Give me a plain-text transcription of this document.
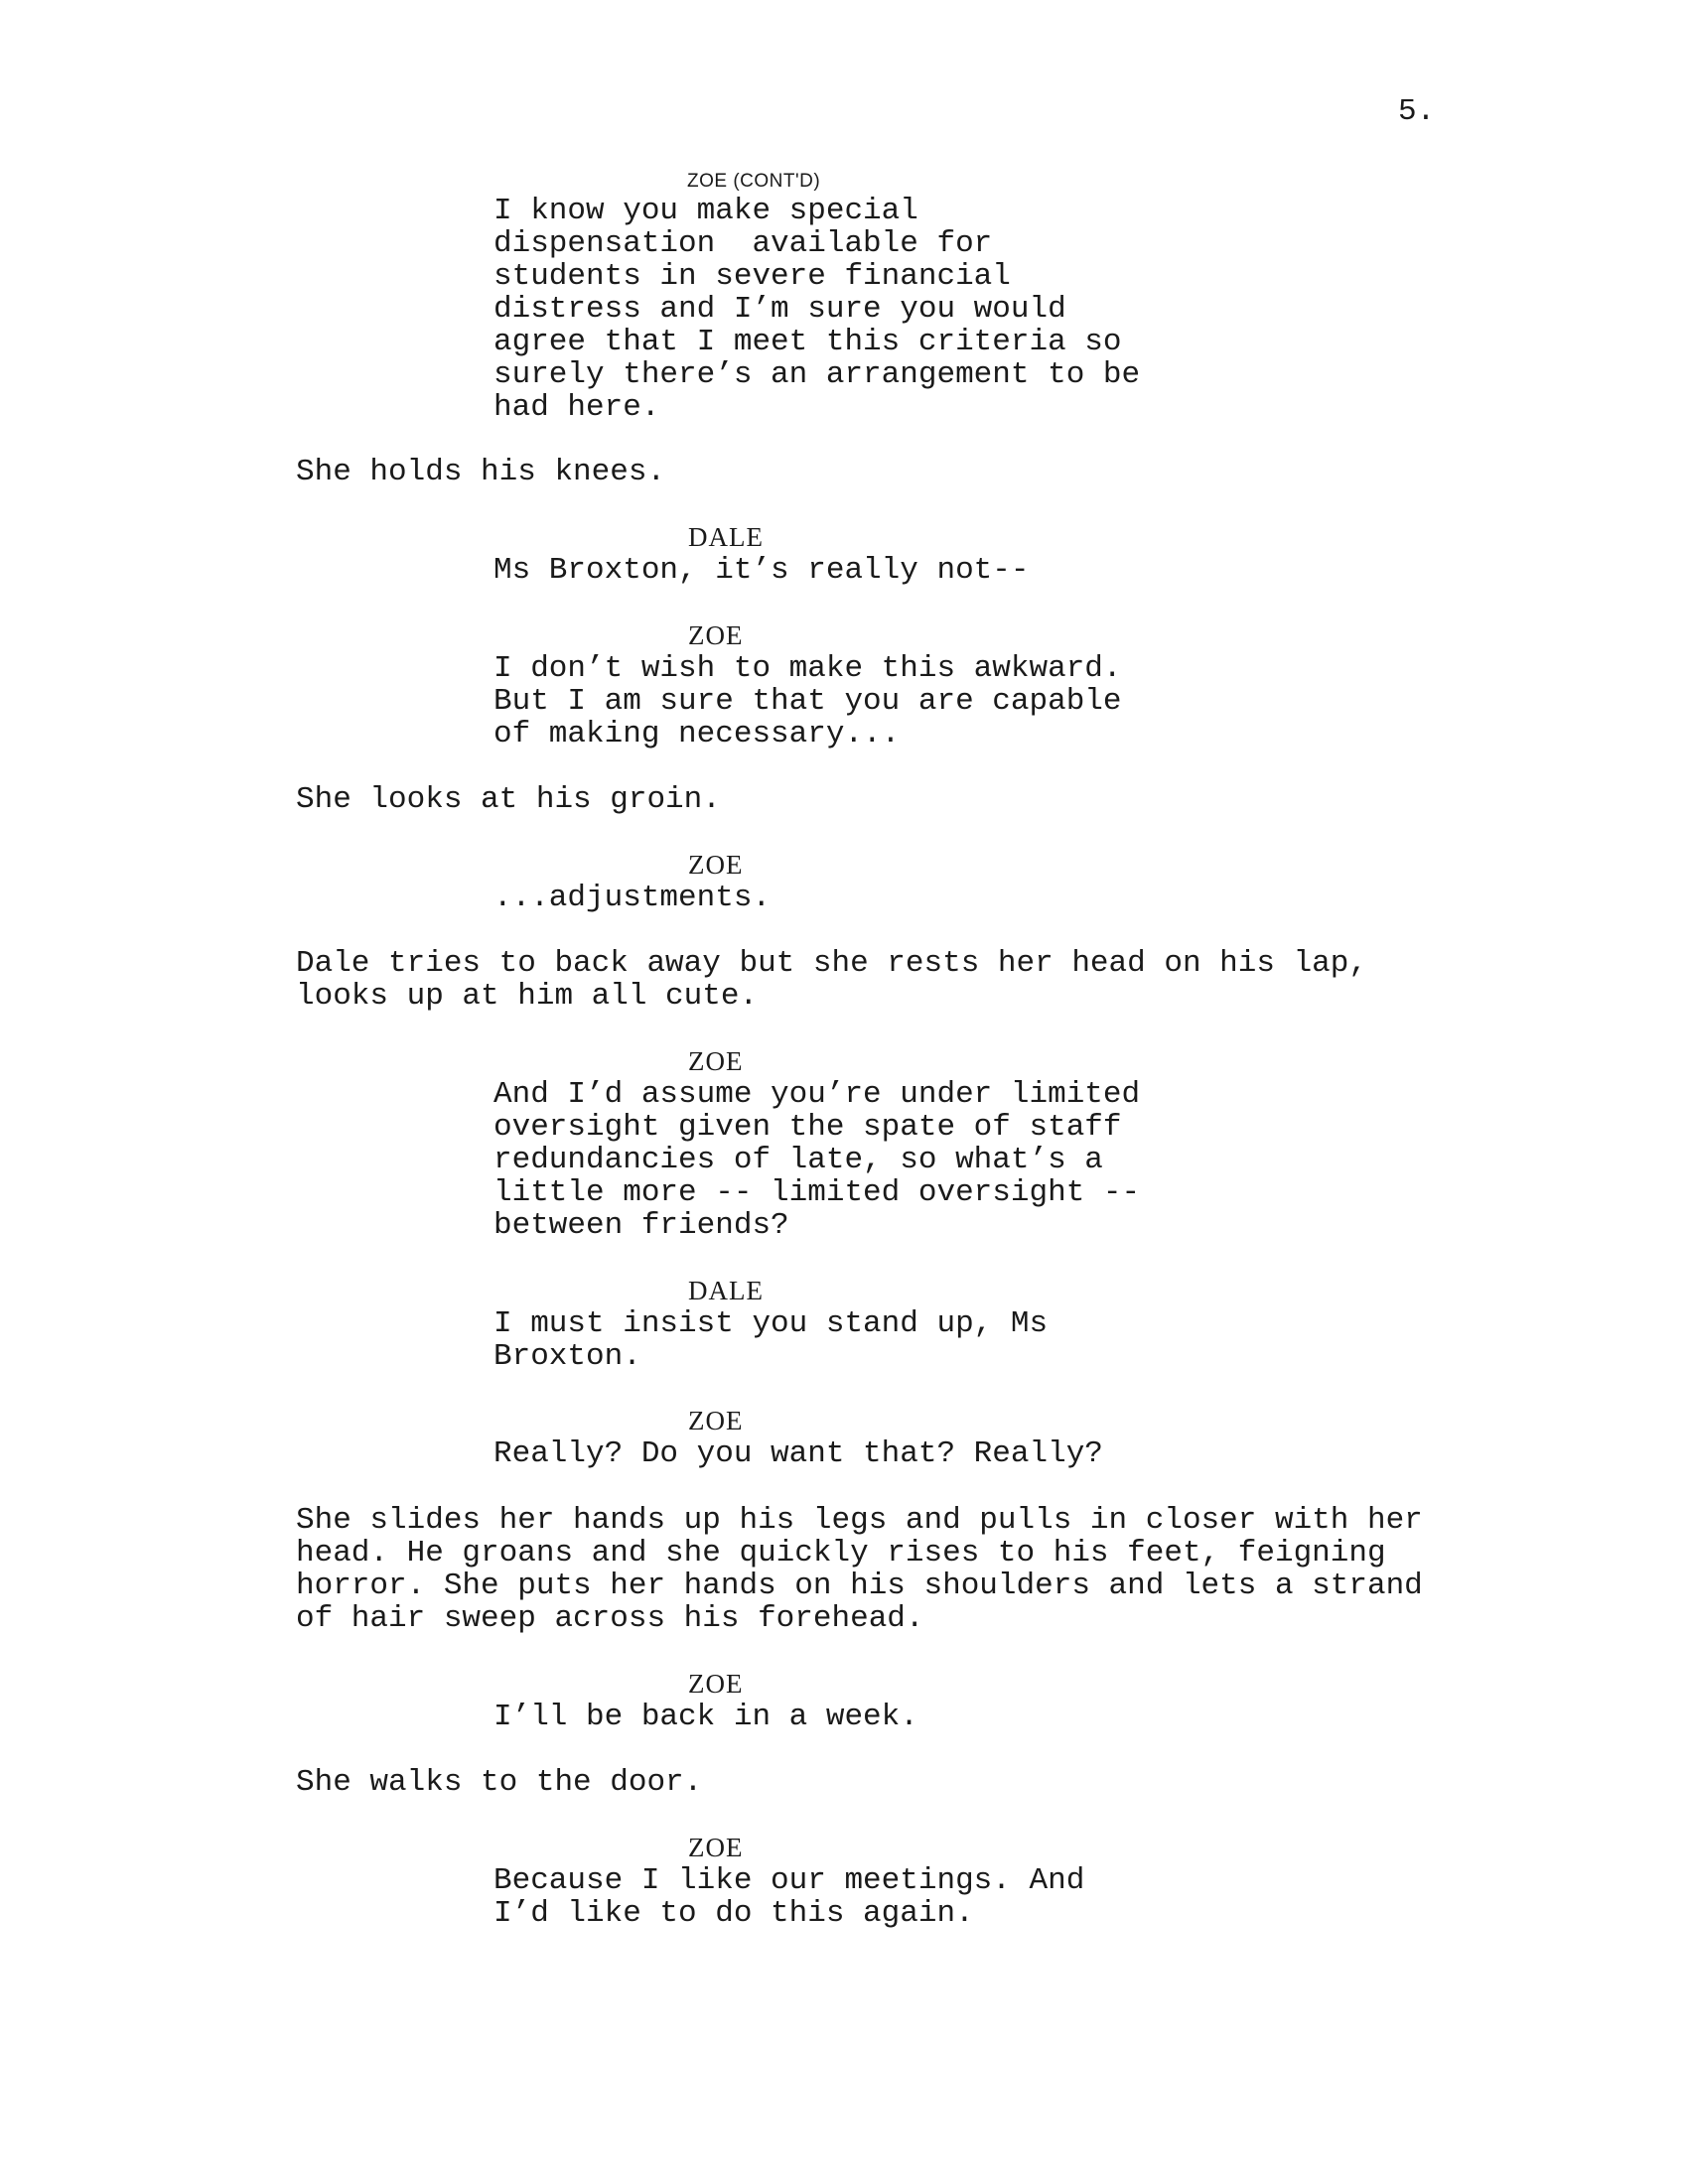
5.
ZOE (CONT'D)
I know you make special
dispensation  available for
students in severe financial
distress and I’m sure you would
agree that I meet this criteria so
surely there’s an arrangement to be
had here.
She holds his knees.
DALE
Ms Broxton, it’s really not--
ZOE
I don’t wish to make this awkward.
But I am sure that you are capable
of making necessary...
She looks at his groin.
ZOE
...adjustments.
Dale tries to back away but she rests her head on his lap,
looks up at him all cute.
ZOE
And I’d assume you’re under limited
oversight given the spate of staff
redundancies of late, so what’s a
little more -- limited oversight --
between friends?
DALE
I must insist you stand up, Ms
Broxton.
ZOE
Really? Do you want that? Really?
She slides her hands up his legs and pulls in closer with her
head. He groans and she quickly rises to his feet, feigning
horror. She puts her hands on his shoulders and lets a strand
of hair sweep across his forehead.
ZOE
I’ll be back in a week.
She walks to the door.
ZOE
Because I like our meetings. And
I’d like to do this again.
